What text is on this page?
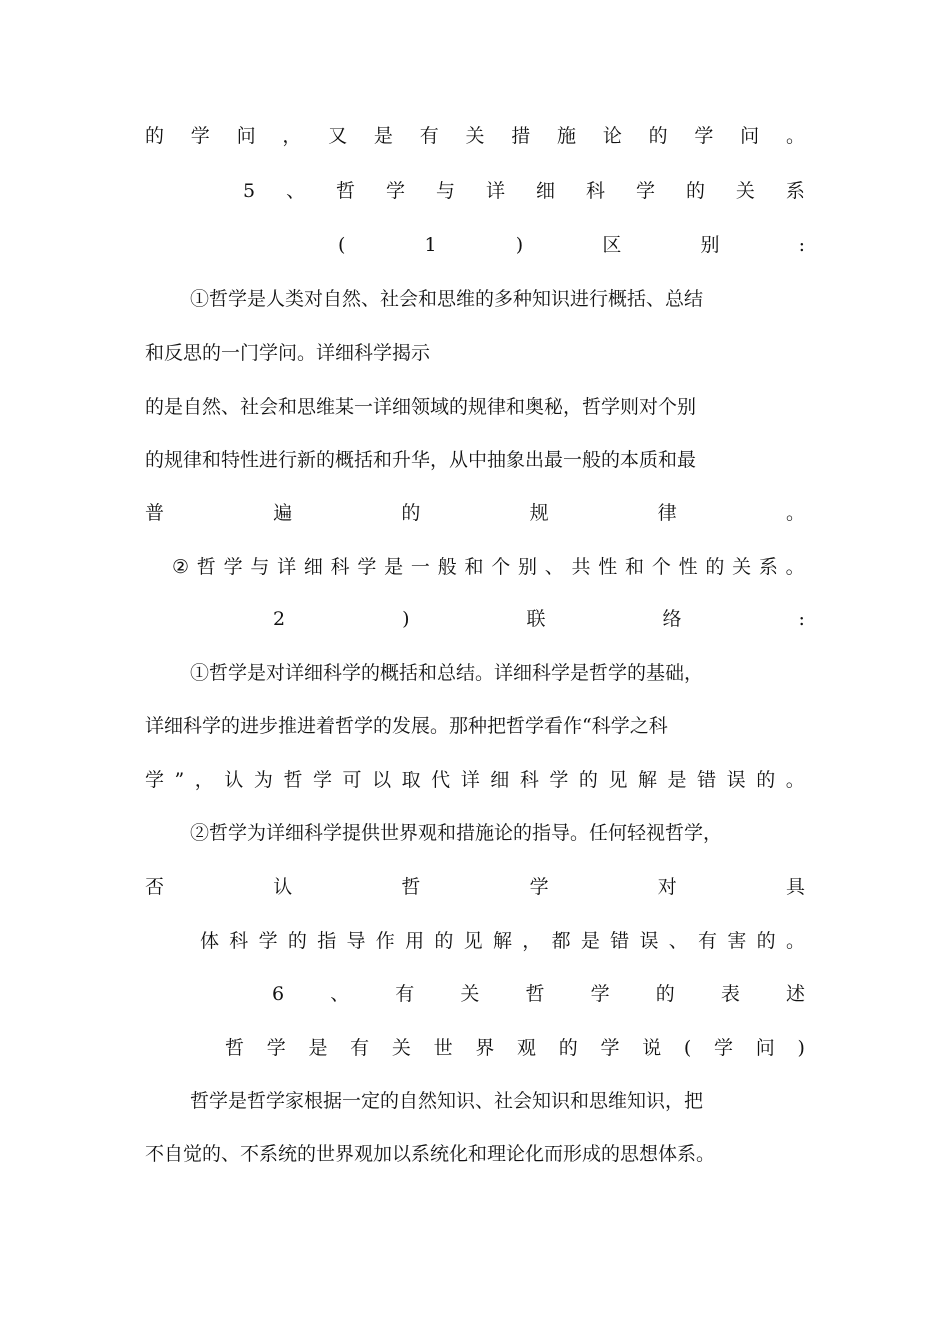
的 学 问 ， 又 是 有 关 措 施 论 的 学 问 。
5 、 哲 学 与 详 细 科 学 的 关 系
(	1	)	区	别	:
①哲学是人类对自然、社会和思维的多种知识进行概括、总结
和反思的一门学问。详细科学揭示
的是自然、社会和思维某一详细领域的规律和奥秘，哲学则对个别
的规律和特性进行新的概括和升华，从中抽象出最一般的本质和最
普	遍	的	规	律	。
② 哲 学 与 详 细 科 学 是 一 般 和 个 别 、 共 性 和 个 性 的 关 系 。
2	)	联	络	:
①哲学是对详细科学的概括和总结。详细科学是哲学的基础，
详细科学的进步推进着哲学的发展。那种把哲学看作“科学之科
学 ” ， 认 为 哲 学 可 以 取 代 详 细 科 学 的 见 解 是 错 误 的 。
②哲学为详细科学提供世界观和措施论的指导。任何轻视哲学，
否	认	哲	学	对	具
体 科 学 的 指 导 作 用 的 见 解 ， 都 是 错 误 、 有 害 的 。
6 、 有 关 哲 学 的 表 述
哲 学 是 有 关 世 界 观 的 学 说 ( 学 问 )
哲学是哲学家根据一定的自然知识、社会知识和思维知识，把
不自觉的、不系统的世界观加以系统化和理论化而形成的思想体系。
